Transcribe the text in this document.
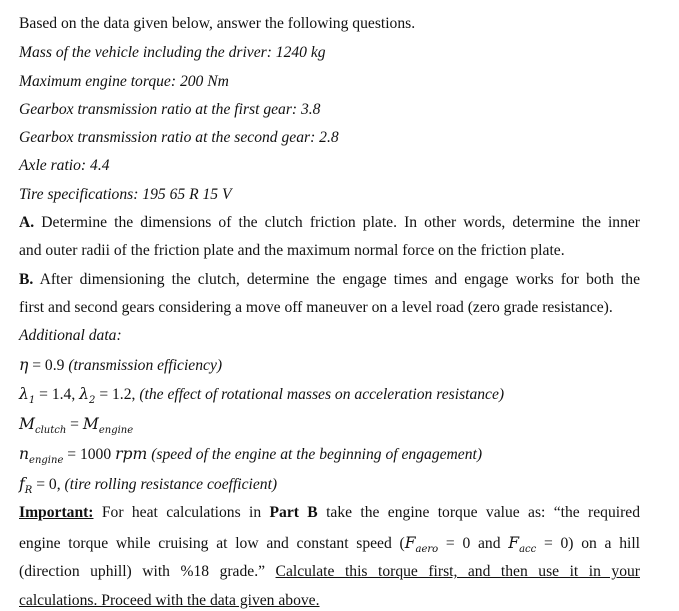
Based on the data given below, answer the following questions.
Mass of the vehicle including the driver: 1240 kg
Maximum engine torque: 200 Nm
Gearbox transmission ratio at the first gear: 3.8
Gearbox transmission ratio at the second gear: 2.8
Axle ratio: 4.4
Tire specifications: 195 65 R 15 V
A. Determine the dimensions of the clutch friction plate. In other words, determine the inner
and outer radii of the friction plate and the maximum normal force on the friction plate.
B. After dimensioning the clutch, determine the engage times and engage works for both the
first and second gears considering a move off maneuver on a level road (zero grade resistance).
Additional data:
η = 0.9 (transmission efficiency)
$\lambda_1 = 1.4$, $\lambda_2 = 1.2$, (the effect of rotational masses on acceleration resistance)
$M_{clutch} = M_{engine}$
$n_{engine} = 1000$ rpm (speed of the engine at the beginning of engagement)
$f_R = 0$, (tire rolling resistance coefficient)
Important: For heat calculations in Part B take the engine torque value as: “the required
engine torque while cruising at low and constant speed ($F_{aero} = 0$ and $F_{acc} = 0$) on a hill
(direction uphill) with %18 grade.” Calculate this torque first, and then use it in your
calculations. Proceed with the data given above.
